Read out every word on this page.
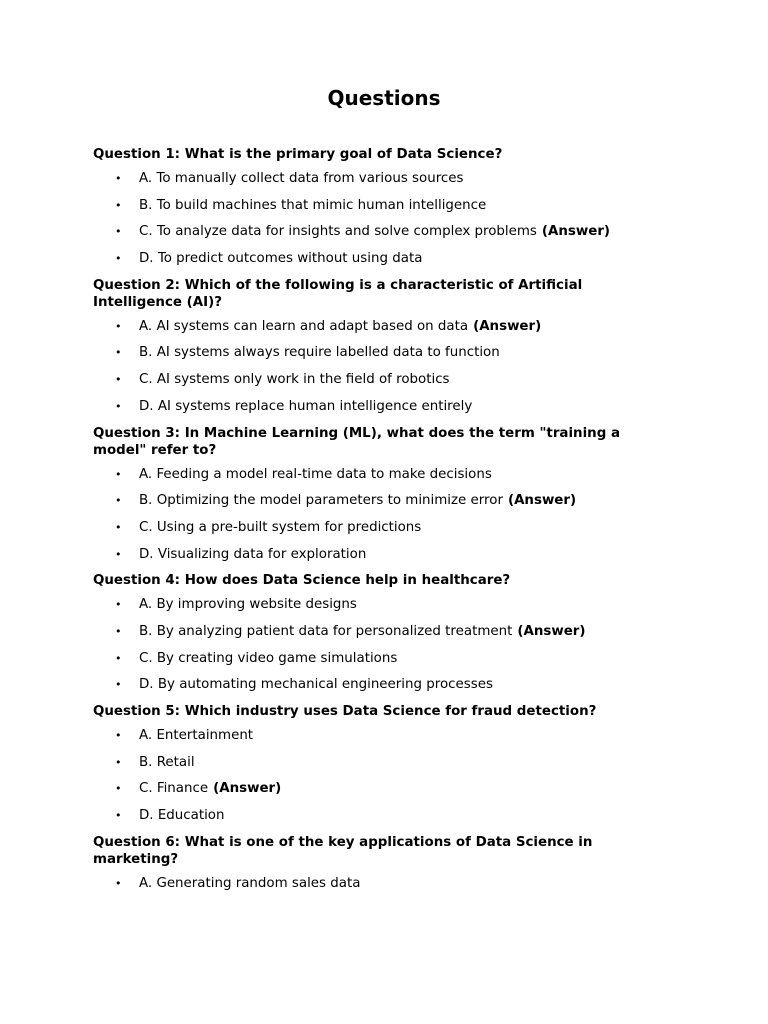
Questions
Question 1: What is the primary goal of Data Science?
• A. To manually collect data from various sources
• B. To build machines that mimic human intelligence
• C. To analyze data for insights and solve complex problems (Answer)
• D. To predict outcomes without using data
Question 2: Which of the following is a characteristic of Artificial Intelligence (AI)?
• A. AI systems can learn and adapt based on data (Answer)
• B. AI systems always require labelled data to function
• C. AI systems only work in the field of robotics
• D. AI systems replace human intelligence entirely
Question 3: In Machine Learning (ML), what does the term "training a model" refer to?
• A. Feeding a model real-time data to make decisions
• B. Optimizing the model parameters to minimize error (Answer)
• C. Using a pre-built system for predictions
• D. Visualizing data for exploration
Question 4: How does Data Science help in healthcare?
• A. By improving website designs
• B. By analyzing patient data for personalized treatment (Answer)
• C. By creating video game simulations
• D. By automating mechanical engineering processes
Question 5: Which industry uses Data Science for fraud detection?
• A. Entertainment
• B. Retail
• C. Finance (Answer)
• D. Education
Question 6: What is one of the key applications of Data Science in marketing?
• A. Generating random sales data
